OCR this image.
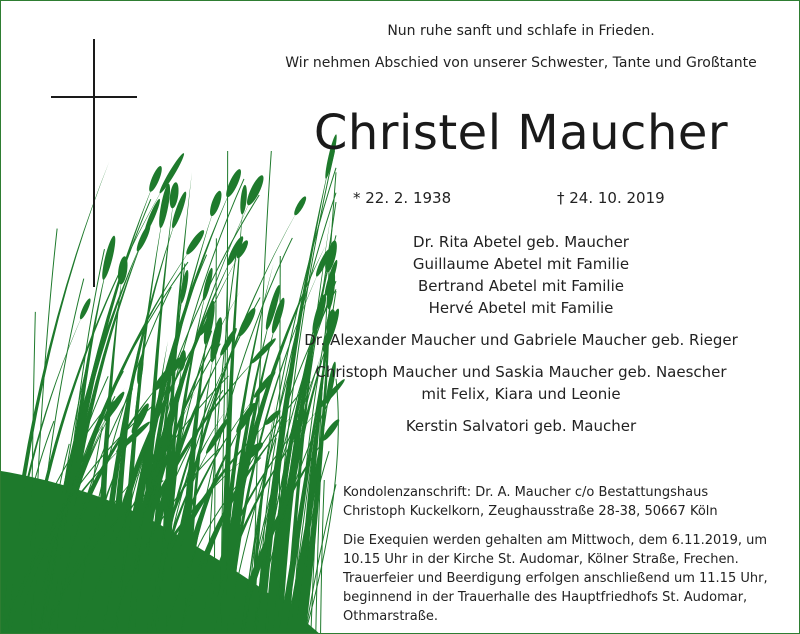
Nun ruhe sanft und schlafe in Frieden.
Wir nehmen Abschied von unserer Schwester, Tante und Großtante
Christel Maucher
* 22. 2. 1938	† 24. 10. 2019
Dr. Rita Abetel geb. Maucher
Guillaume Abetel mit Familie
Bertrand Abetel mit Familie
Hervé Abetel mit Familie
Dr. Alexander Maucher und Gabriele Maucher geb. Rieger
Christoph Maucher und Saskia Maucher geb. Naescher
mit Felix, Kiara und Leonie
Kerstin Salvatori geb. Maucher
Kondolenzanschrift: Dr. A. Maucher c/o Bestattungshaus
Christoph Kuckelkorn, Zeughausstraße 28-38, 50667 Köln
Die Exequien werden gehalten am Mittwoch, dem 6.11.2019, um
10.15 Uhr in der Kirche St. Audomar, Kölner Straße, Frechen.
Trauerfeier und Beerdigung erfolgen anschließend um 11.15 Uhr,
beginnend in der Trauerhalle des Hauptfriedhofs St. Audomar,
Othmarstraße.
